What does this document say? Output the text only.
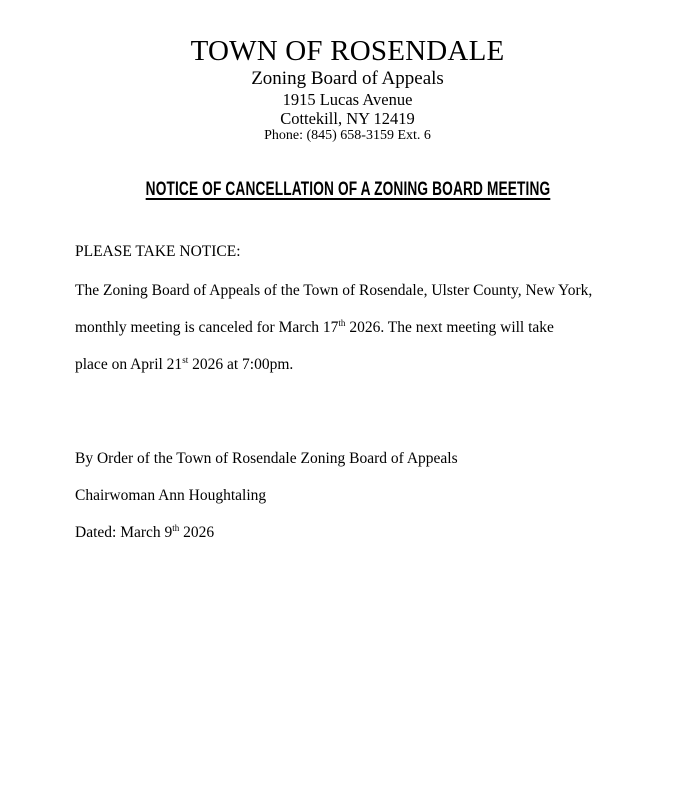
TOWN OF ROSENDALE
Zoning Board of Appeals
1915 Lucas Avenue
Cottekill, NY 12419
Phone: (845) 658-3159 Ext. 6
NOTICE OF CANCELLATION OF A ZONING BOARD MEETING
PLEASE TAKE NOTICE:
The Zoning Board of Appeals of the Town of Rosendale, Ulster County, New York,
monthly meeting is canceled for March 17th 2026. The next meeting will take
place on April 21st 2026 at 7:00pm.
By Order of the Town of Rosendale Zoning Board of Appeals
Chairwoman Ann Houghtaling
Dated: March 9th 2026
